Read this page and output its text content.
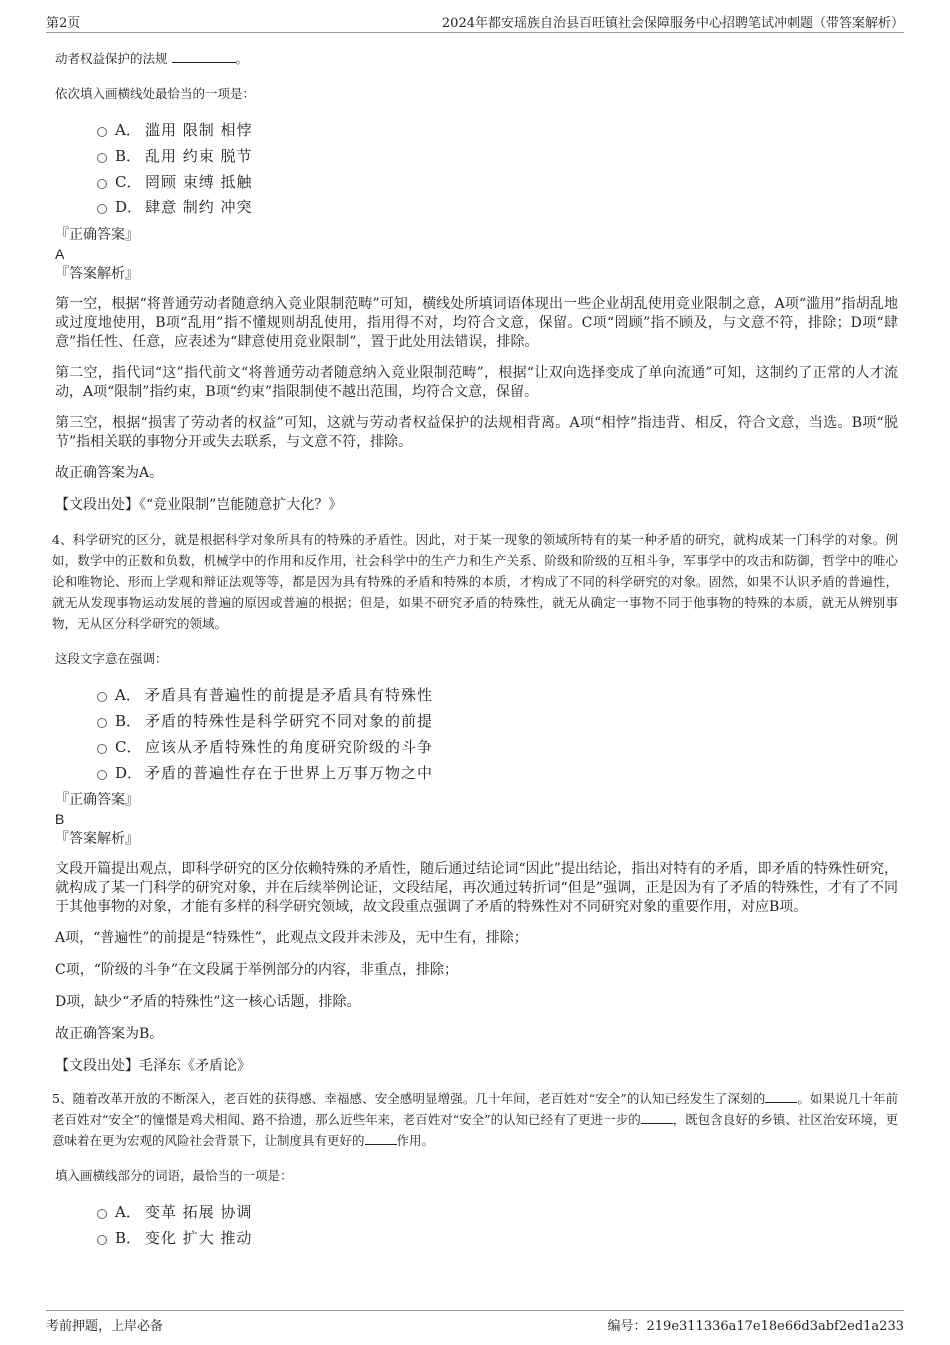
第2页	2024年都安瑶族自治县百旺镇社会保障服务中心招聘笔试冲刺题（带答案解析）

动者权益保护的法规	。

依次填入画横线处最恰当的一项是：

A． 滥用 限制 相悖
B． 乱用 约束 脱节
C． 罔顾 束缚 抵触
D． 肆意 制约 冲突

『正确答案』

A

『答案解析』

第一空，根据“将普通劳动者随意纳入竞业限制范畴”可知，横线处所填词语体现出一些企业胡乱使用竞业限制之意，A项“滥用”指胡乱地或过度地使用，B项“乱用”指不懂规则胡乱使用，指用得不对，均符合文意，保留。C项“罔顾”指不顾及，与文意不符，排除；D项“肆意”指任性、任意，应表述为“肆意使用竞业限制”，置于此处用法错误，排除。

第二空，指代词“这”指代前文“将普通劳动者随意纳入竞业限制范畴”，根据“让双向选择变成了单向流通”可知，这制约了正常的人才流动，A项“限制”指约束，B项“约束”指限制使不越出范围，均符合文意，保留。

第三空，根据“损害了劳动者的权益”可知，这就与劳动者权益保护的法规相背离。A项“相悖”指违背、相反，符合文意，当选。B项“脱节”指相关联的事物分开或失去联系，与文意不符，排除。

故正确答案为A。

【文段出处】《“竞业限制”岂能随意扩大化？》

4、科学研究的区分，就是根据科学对象所具有的特殊的矛盾性。因此，对于某一现象的领域所特有的某一种矛盾的研究，就构成某一门科学的对象。例如，数学中的正数和负数，机械学中的作用和反作用，社会科学中的生产力和生产关系、阶级和阶级的互相斗争，军事学中的攻击和防御，哲学中的唯心论和唯物论、形而上学观和辩证法观等等，都是因为具有特殊的矛盾和特殊的本质，才构成了不同的科学研究的对象。固然，如果不认识矛盾的普遍性，就无从发现事物运动发展的普遍的原因或普遍的根据；但是，如果不研究矛盾的特殊性，就无从确定一事物不同于他事物的特殊的本质，就无从辨别事物，无从区分科学研究的领域。

这段文字意在强调：

A． 矛盾具有普遍性的前提是矛盾具有特殊性
B． 矛盾的特殊性是科学研究不同对象的前提
C． 应该从矛盾特殊性的角度研究阶级的斗争
D． 矛盾的普遍性存在于世界上万事万物之中

『正确答案』

B

『答案解析』

文段开篇提出观点，即科学研究的区分依赖特殊的矛盾性，随后通过结论词“因此”提出结论，指出对特有的矛盾，即矛盾的特殊性研究，就构成了某一门科学的研究对象，并在后续举例论证，文段结尾，再次通过转折词“但是”强调，正是因为有了矛盾的特殊性，才有了不同于其他事物的对象，才能有多样的科学研究领域，故文段重点强调了矛盾的特殊性对不同研究对象的重要作用，对应B项。

A项，“普遍性”的前提是“特殊性”，此观点文段并未涉及，无中生有，排除；

C项，“阶级的斗争”在文段属于举例部分的内容，非重点，排除；

D项，缺少“矛盾的特殊性”这一核心话题，排除。

故正确答案为B。

【文段出处】毛泽东《矛盾论》

5、随着改革开放的不断深入，老百姓的获得感、幸福感、安全感明显增强。几十年间，老百姓对“安全”的认知已经发生了深刻的	。如果说几十年前老百姓对“安全”的憧憬是鸡犬相闻、路不拾遗，那么近些年来，老百姓对“安全”的认知已经有了更进一步的	，既包含良好的乡镇、社区治安环境，更意味着在更为宏观的风险社会背景下，让制度具有更好的	作用。

填入画横线部分的词语，最恰当的一项是：

A． 变革 拓展 协调
B． 变化 扩大 推动
考前押题，上岸必备	编号：219e311336a17e18e66d3abf2ed1a233
